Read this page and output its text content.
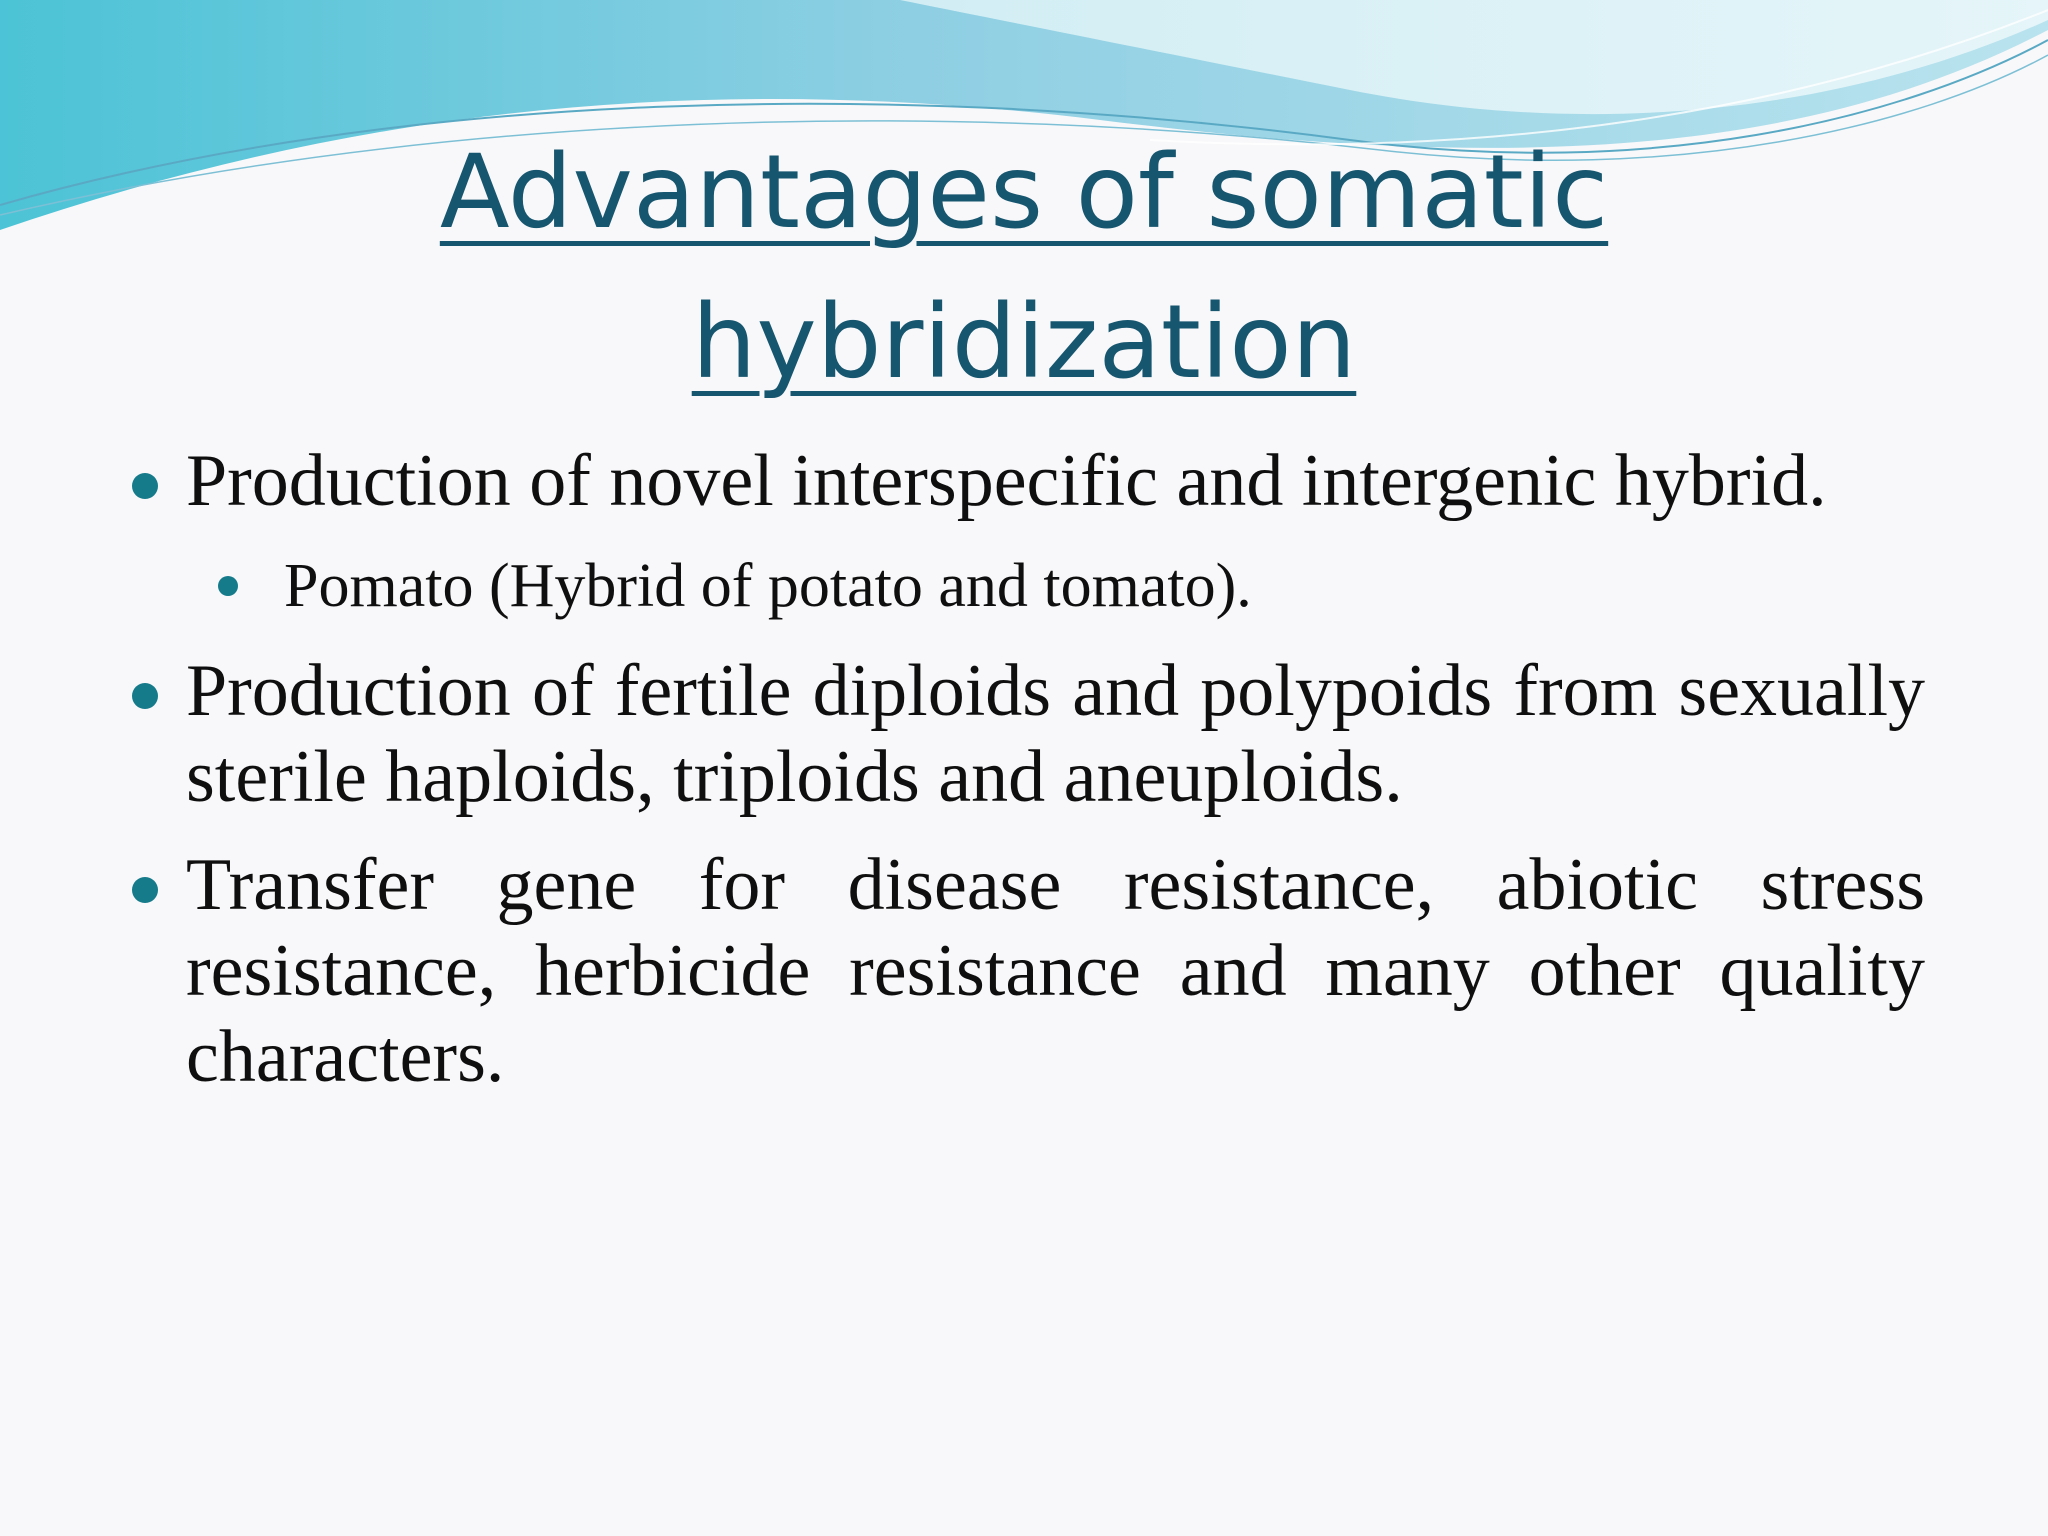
Advantages of somatic
hybridization
Production of novel interspecific and intergenic hybrid.
Pomato (Hybrid of potato and tomato).
Production of fertile diploids and polypoids from sexually sterile haploids, triploids and aneuploids.
Transfer gene for disease resistance, abiotic stress resistance, herbicide resistance and many other quality characters.
